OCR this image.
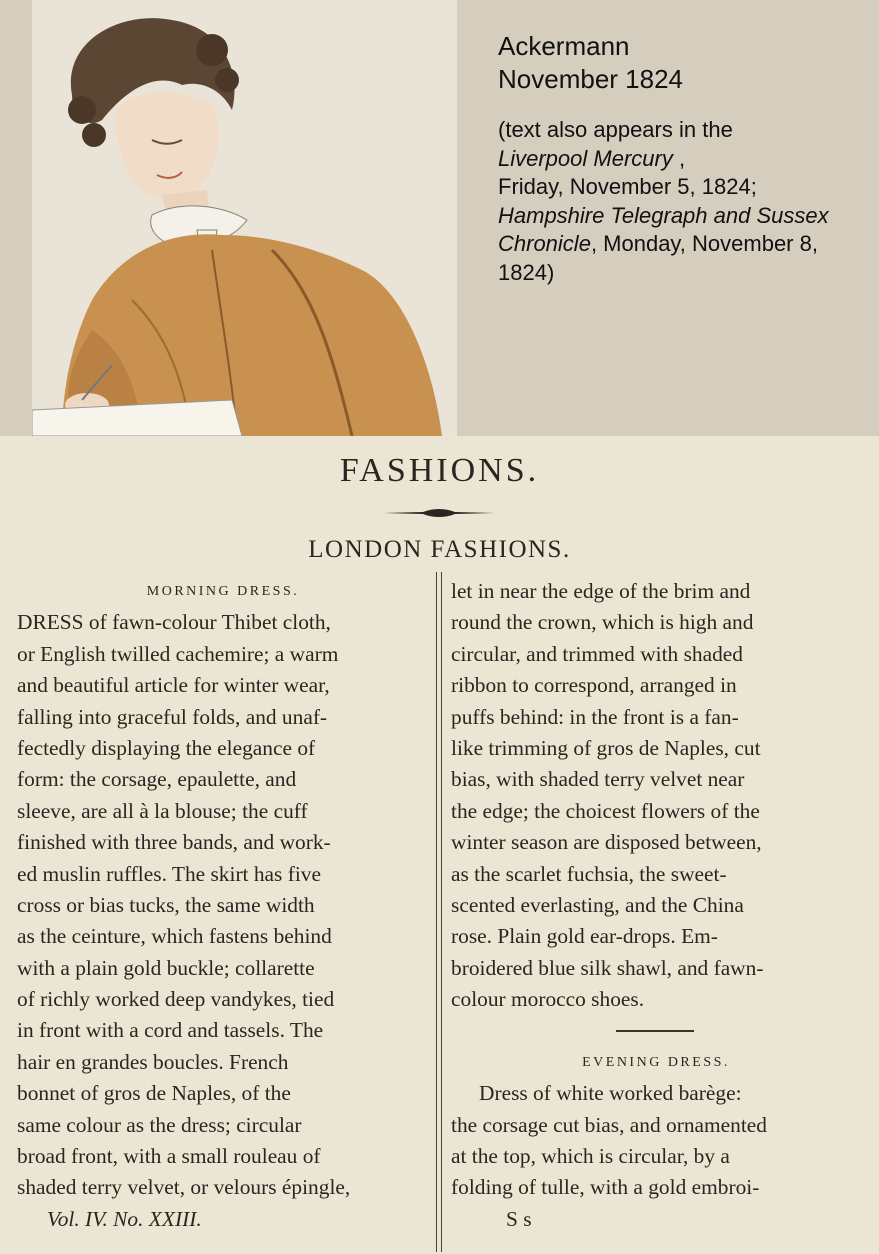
Ackermann
November 1824
(text also appears in the
Liverpool Mercury ,
Friday, November 5, 1824;
Hampshire Telegraph and Sussex
Chronicle, Monday, November 8,
1824)
FASHIONS.
LONDON FASHIONS.
MORNING DRESS.
DRESS of fawn-colour Thibet cloth,
or English twilled cachemire; a warm
and beautiful article for winter wear,
falling into graceful folds, and unaf-
fectedly displaying the elegance of
form: the corsage, epaulette, and
sleeve, are all à la blouse; the cuff
finished with three bands, and work-
ed muslin ruffles. The skirt has five
cross or bias tucks, the same width
as the ceinture, which fastens behind
with a plain gold buckle; collarette
of richly worked deep vandykes, tied
in front with a cord and tassels. The
hair en grandes boucles. French
bonnet of gros de Naples, of the
same colour as the dress; circular
broad front, with a small rouleau of
shaded terry velvet, or velours épingle,
Vol. IV. No. XXIII.
let in near the edge of the brim and
round the crown, which is high and
circular, and trimmed with shaded
ribbon to correspond, arranged in
puffs behind: in the front is a fan-
like trimming of gros de Naples, cut
bias, with shaded terry velvet near
the edge; the choicest flowers of the
winter season are disposed between,
as the scarlet fuchsia, the sweet-
scented everlasting, and the China
rose. Plain gold ear-drops. Em-
broidered blue silk shawl, and fawn-
colour morocco shoes.
EVENING DRESS.
Dress of white worked barège:
the corsage cut bias, and ornamented
at the top, which is circular, by a
folding of tulle, with a gold embroi-
S s
